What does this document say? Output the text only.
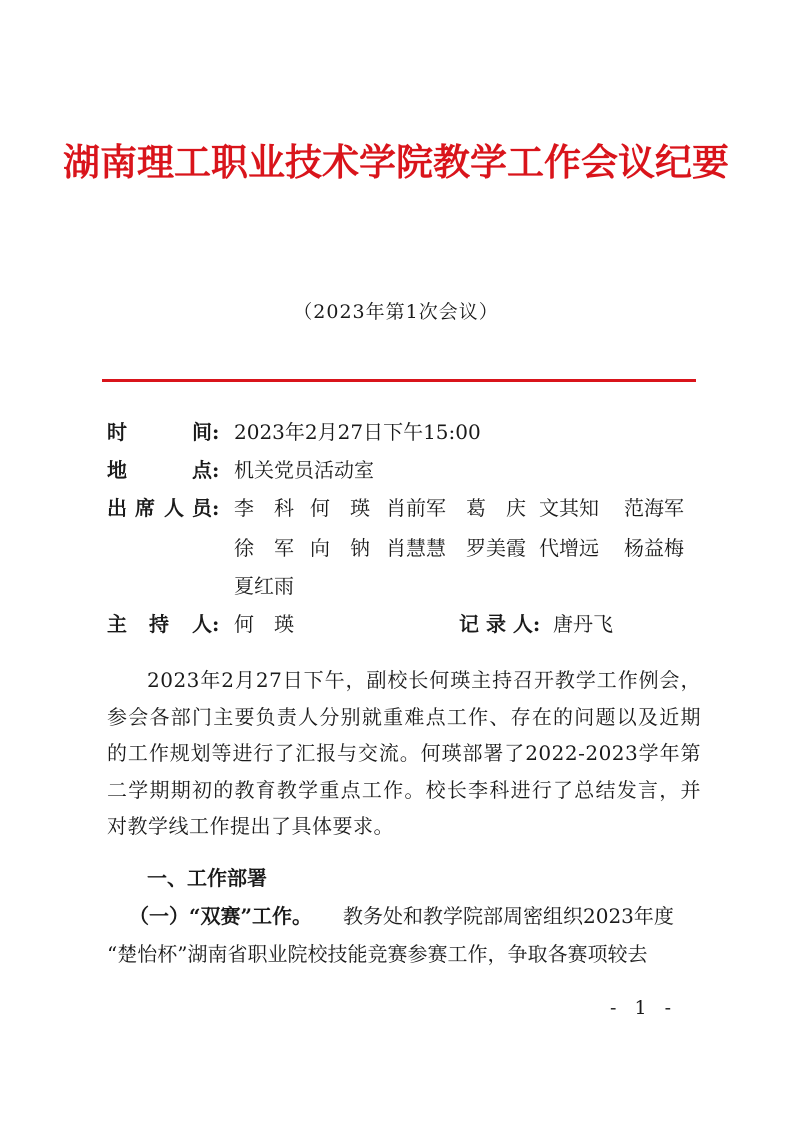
湖南理工职业技术学院教学工作会议纪要
（2023年第1次会议）
时	间: 2023年2月27日下午15:00
地	点: 机关党员活动室
出 席 人 员: 李　科 何　瑛 肖前军 葛　庆 文其知 范海军
徐　军 向　钠 肖慧慧 罗美霞 代增远 杨益梅
夏红雨
主 持 人: 何　瑛	记 录 人: 唐丹飞
2023年2月27日下午，副校长何瑛主持召开教学工作例会，参会各部门主要负责人分别就重难点工作、存在的问题以及近期的工作规划等进行了汇报与交流。何瑛部署了2022-2023学年第二学期期初的教育教学重点工作。校长李科进行了总结发言，并对教学线工作提出了具体要求。
一、工作部署
（一）“双赛”工作。 教务处和教学院部周密组织2023年度
“楚怡杯”湖南省职业院校技能竞赛参赛工作，争取各赛项较去
- 1 -
